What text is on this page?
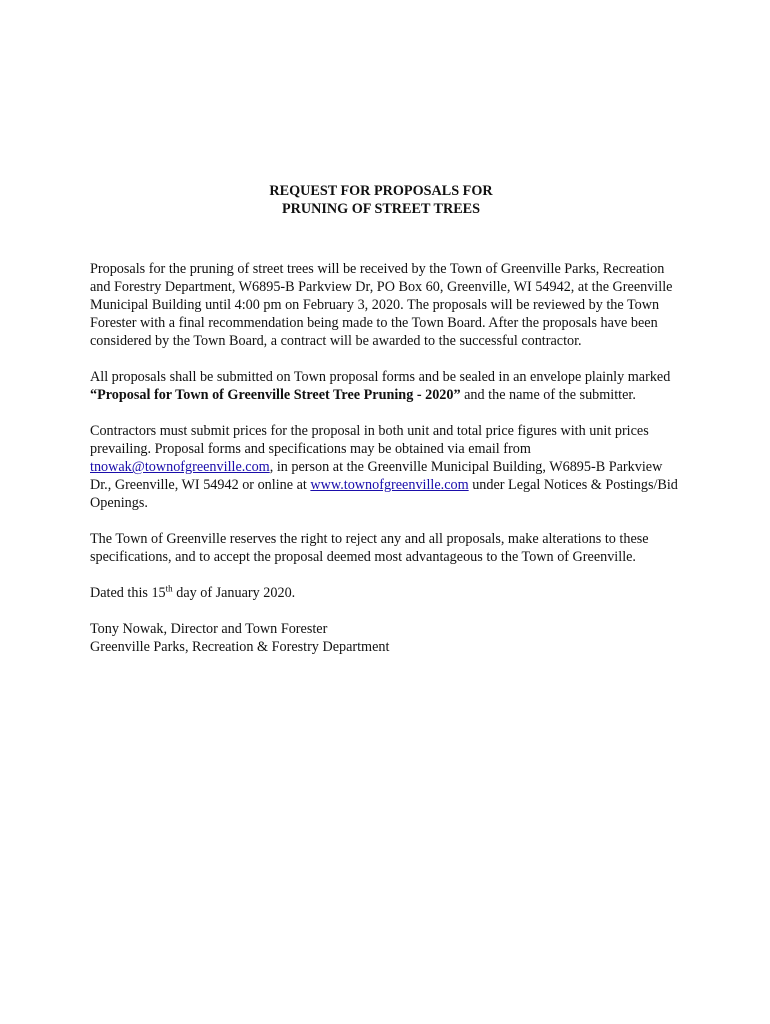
REQUEST FOR PROPOSALS FOR
PRUNING OF STREET TREES

Proposals for the pruning of street trees will be received by the Town of Greenville Parks, Recreation and Forestry Department, W6895-B Parkview Dr, PO Box 60, Greenville, WI 54942, at the Greenville Municipal Building until 4:00 pm on February 3, 2020. The proposals will be reviewed by the Town Forester with a final recommendation being made to the Town Board. After the proposals have been considered by the Town Board, a contract will be awarded to the successful contractor.

All proposals shall be submitted on Town proposal forms and be sealed in an envelope plainly marked “Proposal for Town of Greenville Street Tree Pruning - 2020” and the name of the submitter.

Contractors must submit prices for the proposal in both unit and total price figures with unit prices prevailing. Proposal forms and specifications may be obtained via email from tnowak@townofgreenville.com, in person at the Greenville Municipal Building, W6895-B Parkview Dr., Greenville, WI 54942 or online at www.townofgreenville.com under Legal Notices & Postings/Bid Openings.

The Town of Greenville reserves the right to reject any and all proposals, make alterations to these specifications, and to accept the proposal deemed most advantageous to the Town of Greenville.

Dated this 15th day of January 2020.

Tony Nowak, Director and Town Forester
Greenville Parks, Recreation & Forestry Department
